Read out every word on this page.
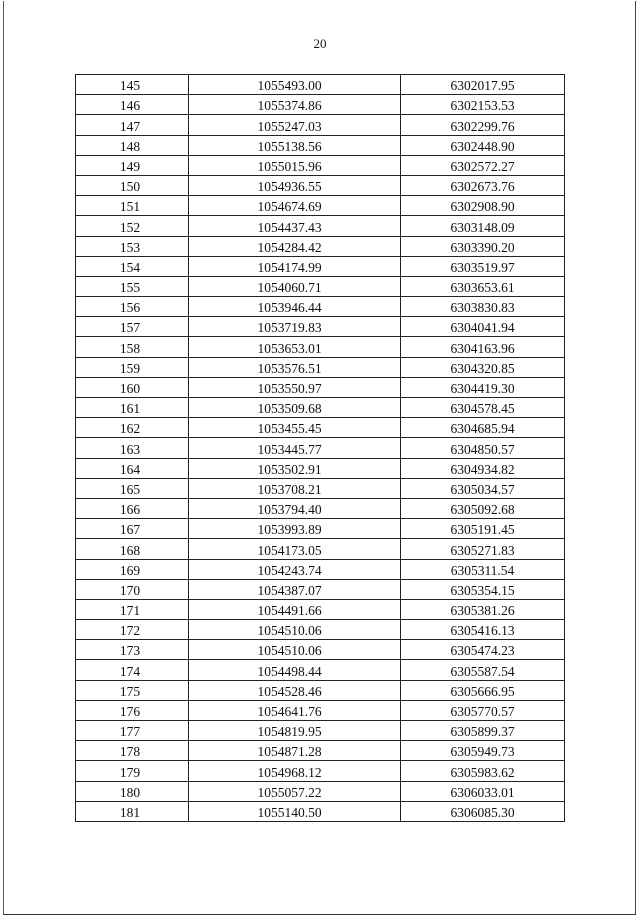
20
145	1055493.00	6302017.95
146	1055374.86	6302153.53
147	1055247.03	6302299.76
148	1055138.56	6302448.90
149	1055015.96	6302572.27
150	1054936.55	6302673.76
151	1054674.69	6302908.90
152	1054437.43	6303148.09
153	1054284.42	6303390.20
154	1054174.99	6303519.97
155	1054060.71	6303653.61
156	1053946.44	6303830.83
157	1053719.83	6304041.94
158	1053653.01	6304163.96
159	1053576.51	6304320.85
160	1053550.97	6304419.30
161	1053509.68	6304578.45
162	1053455.45	6304685.94
163	1053445.77	6304850.57
164	1053502.91	6304934.82
165	1053708.21	6305034.57
166	1053794.40	6305092.68
167	1053993.89	6305191.45
168	1054173.05	6305271.83
169	1054243.74	6305311.54
170	1054387.07	6305354.15
171	1054491.66	6305381.26
172	1054510.06	6305416.13
173	1054510.06	6305474.23
174	1054498.44	6305587.54
175	1054528.46	6305666.95
176	1054641.76	6305770.57
177	1054819.95	6305899.37
178	1054871.28	6305949.73
179	1054968.12	6305983.62
180	1055057.22	6306033.01
181	1055140.50	6306085.30
